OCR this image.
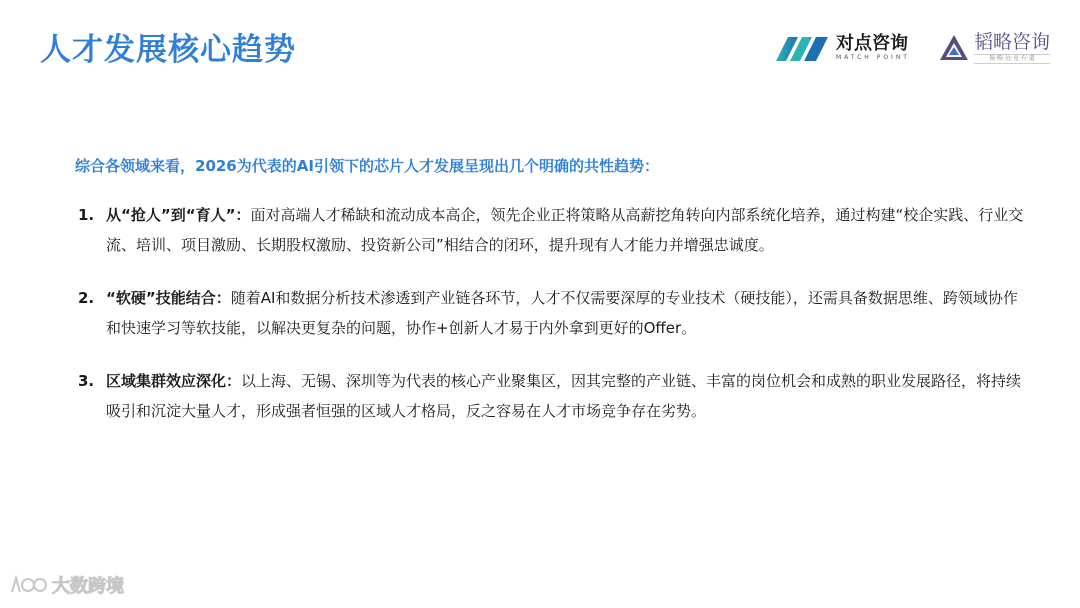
人才发展核心趋势	对点咨询
MATCH POINT
韬略咨询
韬·略·远·见·有·道
综合各领域来看，2026为代表的AI引领下的芯片人才发展呈现出几个明确的共性趋势：
1. 从“抢人”到“育人”：面对高端人才稀缺和流动成本高企，领先企业正将策略从高薪挖角转向内部系统化培养，通过构建“校企实践、行业交流、培训、项目激励、长期股权激励、投资新公司”相结合的闭环，提升现有人才能力并增强忠诚度。
2. “软硬”技能结合：随着AI和数据分析技术渗透到产业链各环节，人才不仅需要深厚的专业技术（硬技能），还需具备数据思维、跨领域协作和快速学习等软技能，以解决更复杂的问题，协作+创新人才易于内外拿到更好的Offer。
3. 区域集群效应深化：以上海、无锡、深圳等为代表的核心产业聚集区，因其完整的产业链、丰富的岗位机会和成熟的职业发展路径，将持续吸引和沉淀大量人才，形成强者恒强的区域人才格局，反之容易在人才市场竞争存在劣势。
大数跨境
